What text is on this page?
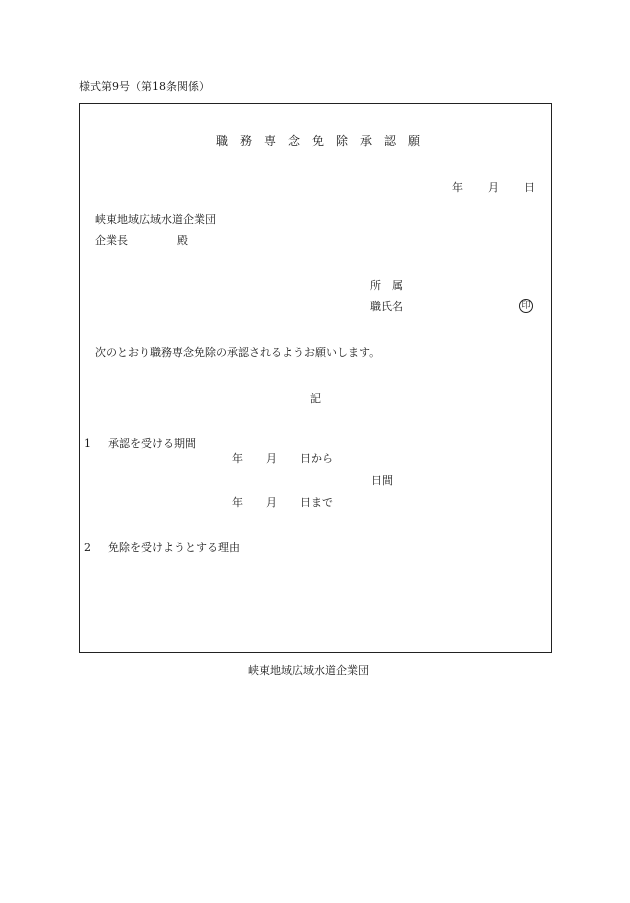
様式第9号（第18条関係）
職 務 専 念 免 除 承 認 願
年 月 日
峡東地域広域水道企業団
企業長	殿
所　属
職氏名	印
次のとおり職務専念免除の承認されるようお願いします。
記
1 承認を受ける期間
年 月 日から
日間
年 月 日まで
2 免除を受けようとする理由
峡東地域広域水道企業団
